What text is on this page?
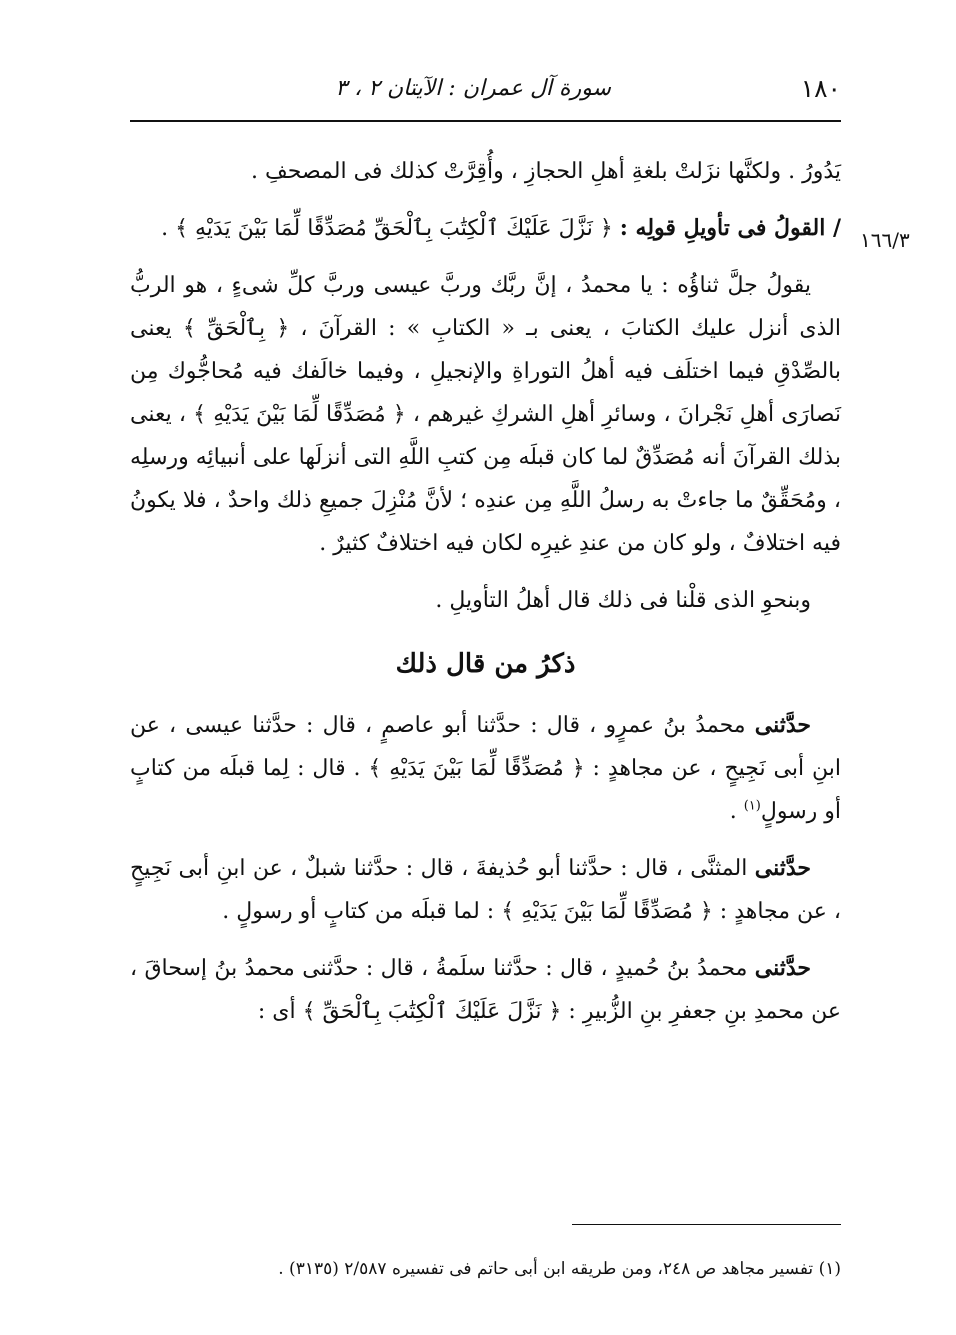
١٨٠
سورة آل عمران : الآيتان ٢ ، ٣
١٦٦/٣

يَدُورُ . ولكنَّها نزَلتْ بلغةِ أهلِ الحجازِ ، وأُقِرَّتْ كذلك فى المصحفِ .

/ القولُ فى تأويلِ قولِه : ﴿ نَزَّلَ عَلَيْكَ ٱلْكِتَٰبَ بِٱلْحَقِّ مُصَدِّقًا لِّمَا بَيْنَ يَدَيْهِ ﴾ .

يقولُ جلَّ ثناؤُه : يا محمدُ ، إنَّ ربَّك وربَّ عيسى وربَّ كلِّ شىءٍ ، هو الربُّ الذى أنزل عليك الكتابَ ، يعنى بـ « الكتابِ » : القرآنَ ، ﴿ بِٱلْحَقِّ ﴾ يعنى بالصِّدْقِ فيما اختلَف فيه أهلُ التوراةِ والإنجيلِ ، وفيما خالَفك فيه مُحاجُّوك مِن نَصارَى أهلِ نَجْرانَ ، وسائرِ أهلِ الشركِ غيرهم ، ﴿ مُصَدِّقًا لِّمَا بَيْنَ يَدَيْهِ ﴾ ، يعنى بذلك القرآنَ أنه مُصَدِّقٌ لما كان قبلَه مِن كتبِ اللَّهِ التى أنزلَها على أنبيائِه ورسلِه ، ومُحَقِّقٌ ما جاءتْ به رسلُ اللَّهِ مِن عندِه ؛ لأنَّ مُنْزِلَ جميعِ ذلك واحدٌ ، فلا يكونُ فيه اختلافٌ ، ولو كان من عندِ غيرِه لكان فيه اختلافٌ كثيرٌ .

وبنحوِ الذى قلْنا فى ذلك قال أهلُ التأويلِ .

ذكرُ من قال ذلك

حدَّثنى محمدُ بنُ عمرٍو ، قال : حدَّثنا أبو عاصمٍ ، قال : حدَّثنا عيسى ، عن ابنِ أبى نَجِيحٍ ، عن مجاهدٍ : ﴿ مُصَدِّقًا لِّمَا بَيْنَ يَدَيْهِ ﴾ . قال : لِما قبلَه من كتابٍ أو رسولٍ$^{(١)}$ .

حدَّثنى المثنَّى ، قال : حدَّثنا أبو حُذيفةَ ، قال : حدَّثنا شبلٌ ، عن ابنِ أبى نَجِيحٍ ، عن مجاهدٍ : ﴿ مُصَدِّقًا لِّمَا بَيْنَ يَدَيْهِ ﴾ : لما قبلَه من كتابٍ أو رسولٍ .

حدَّثنى محمدُ بنُ حُميدٍ ، قال : حدَّثنا سلَمةُ ، قال : حدَّثنى محمدُ بنُ إسحاقَ ، عن محمدِ بنِ جعفرِ بنِ الزُّبيرِ : ﴿ نَزَّلَ عَلَيْكَ ٱلْكِتَٰبَ بِٱلْحَقِّ ﴾ أى :

(١) تفسير مجاهد ص ٢٤٨، ومن طريقه ابن أبى حاتم فى تفسيره ٢/٥٨٧ (٣١٣٥) .
